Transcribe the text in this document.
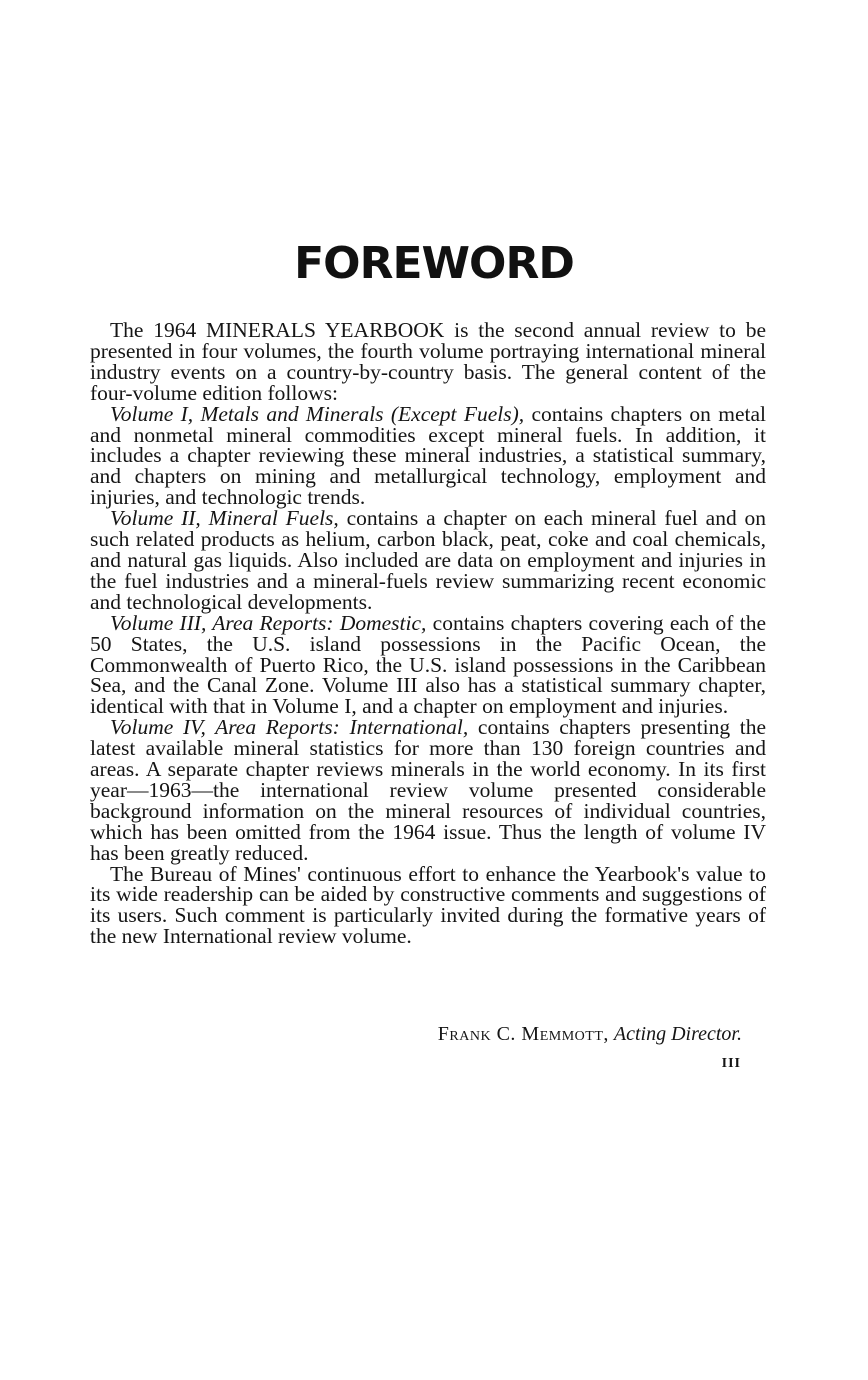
FOREWORD

The 1964 MINERALS YEARBOOK is the second annual review to be presented in four volumes, the fourth volume portraying international mineral industry events on a country-by-country basis. The general content of the four-volume edition follows:

Volume I, Metals and Minerals (Except Fuels), contains chapters on metal and nonmetal mineral commodities except mineral fuels. In addition, it includes a chapter reviewing these mineral industries, a statistical summary, and chapters on mining and metallurgical technology, employment and injuries, and technologic trends.

Volume II, Mineral Fuels, contains a chapter on each mineral fuel and on such related products as helium, carbon black, peat, coke and coal chemicals, and natural gas liquids. Also included are data on employment and injuries in the fuel industries and a mineral-fuels review summarizing recent economic and technological developments.

Volume III, Area Reports: Domestic, contains chapters covering each of the 50 States, the U.S. island possessions in the Pacific Ocean, the Commonwealth of Puerto Rico, the U.S. island possessions in the Caribbean Sea, and the Canal Zone. Volume III also has a statistical summary chapter, identical with that in Volume I, and a chapter on employment and injuries.

Volume IV, Area Reports: International, contains chapters presenting the latest available mineral statistics for more than 130 foreign countries and areas. A separate chapter reviews minerals in the world economy. In its first year—1963—the international review volume presented considerable background information on the mineral resources of individual countries, which has been omitted from the 1964 issue. Thus the length of volume IV has been greatly reduced.

The Bureau of Mines' continuous effort to enhance the Yearbook's value to its wide readership can be aided by constructive comments and suggestions of its users. Such comment is particularly invited during the formative years of the new International review volume.

Frank C. Memmott, Acting Director.
III
